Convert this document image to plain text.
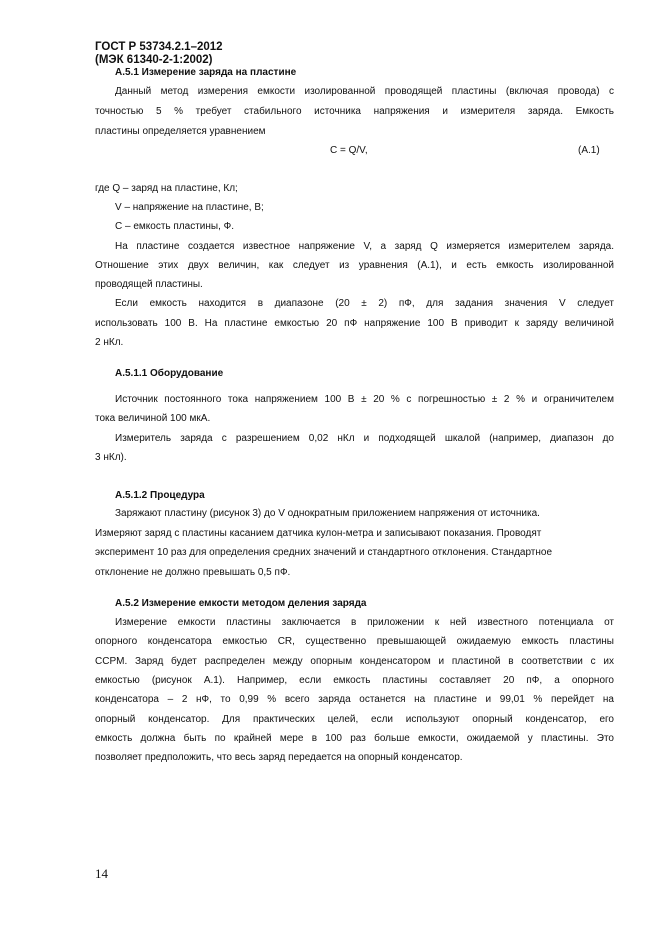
ГОСТ Р 53734.2.1–2012
(МЭК 61340-2-1:2002)
А.5.1 Измерение заряда на пластине
Данный метод измерения емкости изолированной проводящей пластины (включая провода) с
точностью 5 % требует стабильного источника напряжения и измерителя заряда. Емкость
пластины определяется уравнением
C = Q/V,	(А.1)
где Q – заряд на пластине, Кл;
V – напряжение на пластине, В;
C – емкость пластины, Ф.
На пластине создается известное напряжение V, а заряд Q измеряется измерителем заряда.
Отношение этих двух величин, как следует из уравнения (А.1), и есть емкость изолированной
проводящей пластины.
Если емкость находится в диапазоне (20 ± 2) пФ, для задания значения V следует
использовать 100 В. На пластине емкостью 20 пФ напряжение 100 В приводит к заряду величиной
2 нКл.
А.5.1.1 Оборудование
Источник постоянного тока напряжением 100 В ± 20 % с погрешностью ± 2 % и ограничителем
тока величиной 100 мкА.
Измеритель заряда с разрешением 0,02 нКл и подходящей шкалой (например, диапазон до
3 нКл).
А.5.1.2 Процедура
Заряжают пластину (рисунок 3) до V однократным приложением напряжения от источника.
Измеряют заряд с пластины касанием датчика кулон-метра и записывают показания. Проводят
эксперимент 10 раз для определения средних значений и стандартного отклонения. Стандартное
отклонение не должно превышать 0,5 пФ.
А.5.2 Измерение емкости методом деления заряда
Измерение емкости пластины заключается в приложении к ней известного потенциала от
опорного конденсатора емкостью CR, существенно превышающей ожидаемую емкость пластины
CCPM. Заряд будет распределен между опорным конденсатором и пластиной в соответствии с их
емкостью (рисунок А.1). Например, если емкость пластины составляет 20 пФ, а опорного
конденсатора – 2 нФ, то 0,99 % всего заряда останется на пластине и 99,01 % перейдет на
опорный конденсатор. Для практических целей, если используют опорный конденсатор, его
емкость должна быть по крайней мере в 100 раз больше емкости, ожидаемой у пластины. Это
позволяет предположить, что весь заряд передается на опорный конденсатор.
14
